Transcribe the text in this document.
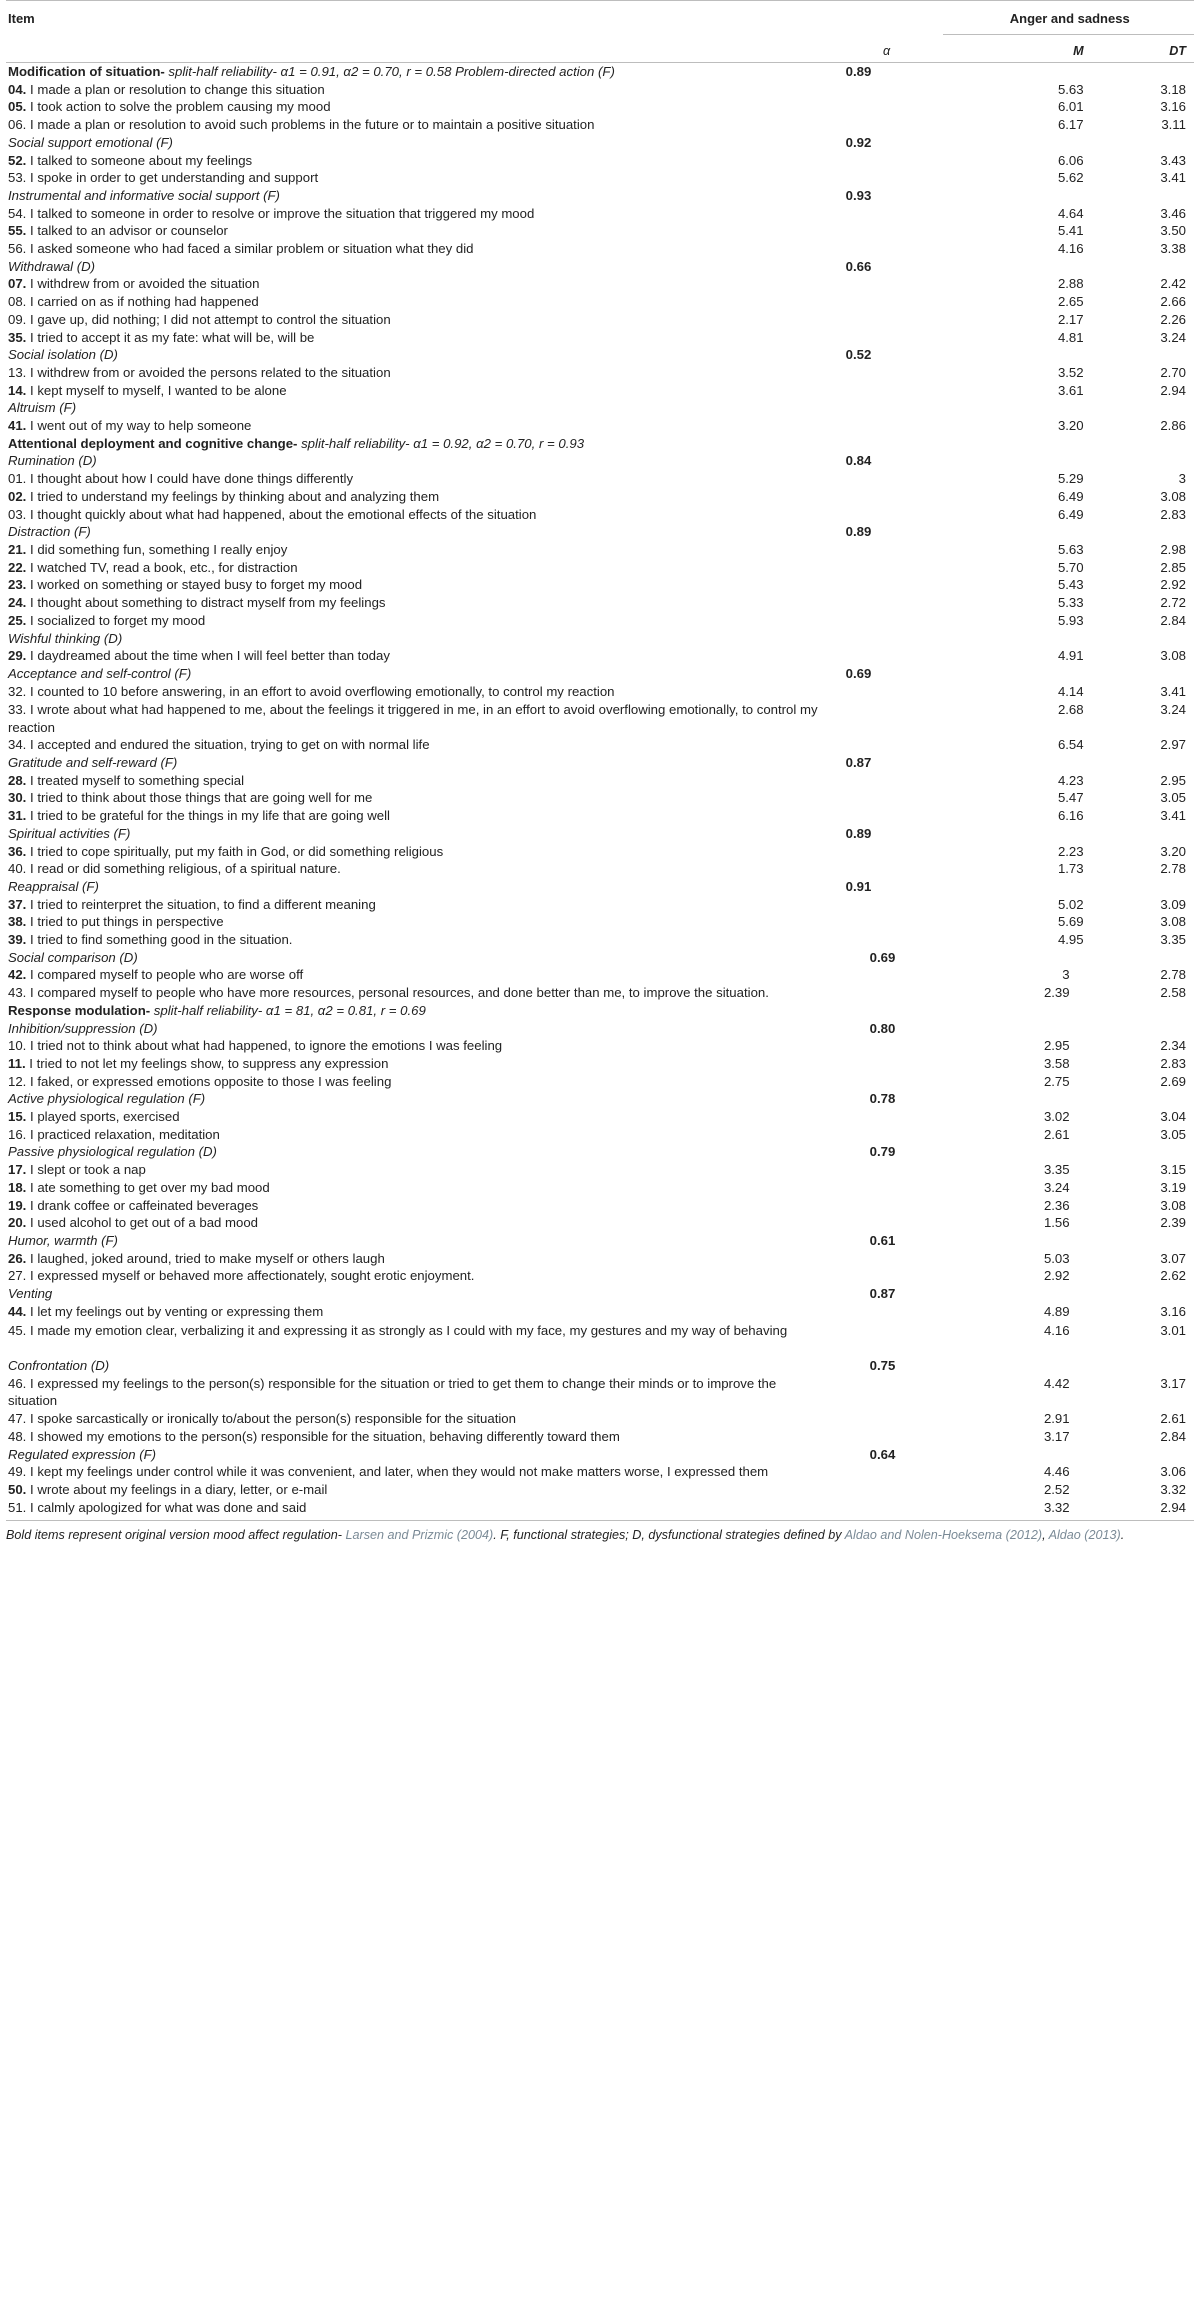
Item		Anger and sadness	
	α	M	DT
Modification of situation- split-half reliability- α1 = 0.91, α2 = 0.70, r = 0.58 Problem-directed action (F)	0.89		
04. I made a plan or resolution to change this situation		5.63	3.18
05. I took action to solve the problem causing my mood		6.01	3.16
06. I made a plan or resolution to avoid such problems in the future or to maintain a positive situation		6.17	3.11
Social support emotional (F)	0.92		
52. I talked to someone about my feelings		6.06	3.43
53. I spoke in order to get understanding and support		5.62	3.41
Instrumental and informative social support (F)	0.93		
54. I talked to someone in order to resolve or improve the situation that triggered my mood		4.64	3.46
55. I talked to an advisor or counselor		5.41	3.50
56. I asked someone who had faced a similar problem or situation what they did		4.16	3.38
Withdrawal (D)	0.66		
07. I withdrew from or avoided the situation		2.88	2.42
08. I carried on as if nothing had happened		2.65	2.66
09. I gave up, did nothing; I did not attempt to control the situation		2.17	2.26
35. I tried to accept it as my fate: what will be, will be		4.81	3.24
Social isolation (D)	0.52		
13. I withdrew from or avoided the persons related to the situation		3.52	2.70
14. I kept myself to myself, I wanted to be alone		3.61	2.94
Altruism (F)			
41. I went out of my way to help someone		3.20	2.86
Attentional deployment and cognitive change- split-half reliability- α1 = 0.92, α2 = 0.70, r = 0.93			
Rumination (D)	0.84		
01. I thought about how I could have done things differently		5.29	3
02. I tried to understand my feelings by thinking about and analyzing them		6.49	3.08
03. I thought quickly about what had happened, about the emotional effects of the situation		6.49	2.83
Distraction (F)	0.89		
21. I did something fun, something I really enjoy		5.63	2.98
22. I watched TV, read a book, etc., for distraction		5.70	2.85
23. I worked on something or stayed busy to forget my mood		5.43	2.92
24. I thought about something to distract myself from my feelings		5.33	2.72
25. I socialized to forget my mood		5.93	2.84
Wishful thinking (D)			
29. I daydreamed about the time when I will feel better than today		4.91	3.08
Acceptance and self-control (F)	0.69		
32. I counted to 10 before answering, in an effort to avoid overflowing emotionally, to control my reaction		4.14	3.41
33. I wrote about what had happened to me, about the feelings it triggered in me, in an effort to avoid overflowing emotionally, to control my reaction		2.68	3.24
34. I accepted and endured the situation, trying to get on with normal life		6.54	2.97
Gratitude and self-reward (F)	0.87		
28. I treated myself to something special		4.23	2.95
30. I tried to think about those things that are going well for me		5.47	3.05
31. I tried to be grateful for the things in my life that are going well		6.16	3.41
Spiritual activities (F)	0.89		
36. I tried to cope spiritually, put my faith in God, or did something religious		2.23	3.20
40. I read or did something religious, of a spiritual nature.		1.73	2.78
Reappraisal (F)	0.91		
37. I tried to reinterpret the situation, to find a different meaning		5.02	3.09
38. I tried to put things in perspective		5.69	3.08
39. I tried to find something good in the situation.		4.95	3.35
Social comparison (D)	0.69		
42. I compared myself to people who are worse off		3	2.78
43. I compared myself to people who have more resources, personal resources, and done better than me, to improve the situation.		2.39	2.58
Response modulation- split-half reliability- α1 = 81, α2 = 0.81, r = 0.69			
Inhibition/suppression (D)	0.80		
10. I tried not to think about what had happened, to ignore the emotions I was feeling		2.95	2.34
11. I tried to not let my feelings show, to suppress any expression		3.58	2.83
12. I faked, or expressed emotions opposite to those I was feeling		2.75	2.69
Active physiological regulation (F)	0.78		
15. I played sports, exercised		3.02	3.04
16. I practiced relaxation, meditation		2.61	3.05
Passive physiological regulation (D)	0.79		
17. I slept or took a nap		3.35	3.15
18. I ate something to get over my bad mood		3.24	3.19
19. I drank coffee or caffeinated beverages		2.36	3.08
20. I used alcohol to get out of a bad mood		1.56	2.39
Humor, warmth (F)	0.61		
26. I laughed, joked around, tried to make myself or others laugh		5.03	3.07
27. I expressed myself or behaved more affectionately, sought erotic enjoyment.		2.92	2.62
Venting	0.87		
44. I let my feelings out by venting or expressing them		4.89	3.16
45. I made my emotion clear, verbalizing it and expressing it as strongly as I could with my face, my gestures and my way of behaving		4.16	3.01
Confrontation (D)	0.75		
46. I expressed my feelings to the person(s) responsible for the situation or tried to get them to change their minds or to improve the situation		4.42	3.17
47. I spoke sarcastically or ironically to/about the person(s) responsible for the situation		2.91	2.61
48. I showed my emotions to the person(s) responsible for the situation, behaving differently toward them		3.17	2.84
Regulated expression (F)	0.64		
49. I kept my feelings under control while it was convenient, and later, when they would not make matters worse, I expressed them		4.46	3.06
50. I wrote about my feelings in a diary, letter, or e-mail		2.52	3.32
51. I calmly apologized for what was done and said		3.32	2.94
Bold items represent original version mood affect regulation- Larsen and Prizmic (2004). F, functional strategies; D, dysfunctional strategies defined by Aldao and Nolen-Hoeksema (2012), Aldao (2013).
